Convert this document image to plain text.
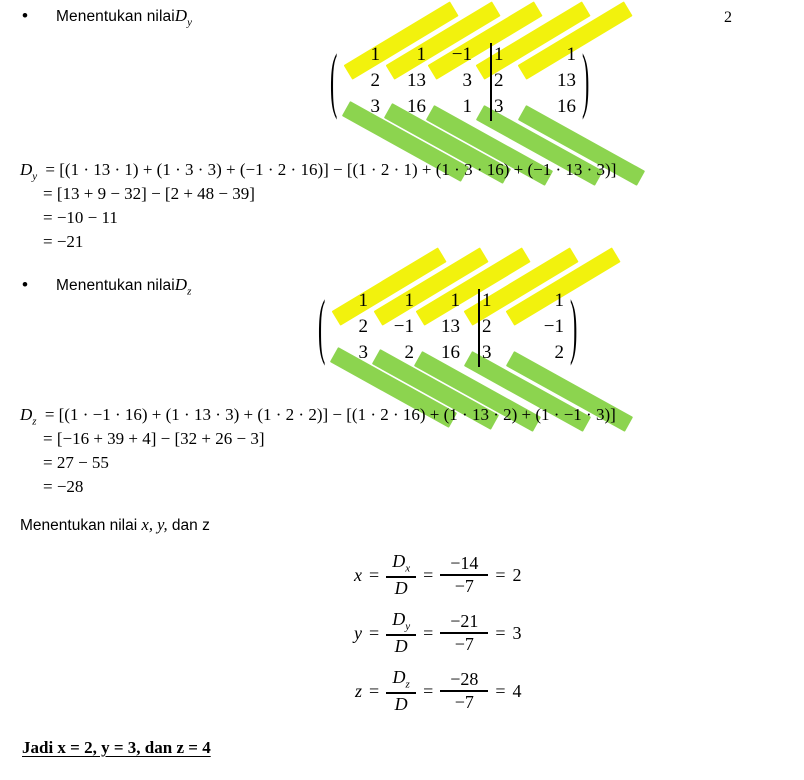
2
•	Menentukan nilai $D_y$
(	1	1	−1	1	1
2	13	3	2	13
3	16	1	3	16 )
$D_y = [(1 \cdot 13 \cdot 1) + (1 \cdot 3 \cdot 3) + (-1 \cdot 2 \cdot 16)] - [(1 \cdot 2 \cdot 1) + (1 \cdot 3 \cdot 16) + (-1 \cdot 13 \cdot 3)]$
= [13 + 9 − 32] − [2 + 48 − 39]
= −10 − 11
= −21
•	Menentukan nilai $D_z$	(	1	1	1	1	1
2	−1	13	2	−1
3	2	16	3	2 )
$D_z = [(1 \cdot -1 \cdot 16) + (1 \cdot 13 \cdot 3) + (1 \cdot 2 \cdot 2)] - [(1 \cdot 2 \cdot 16) + (1 \cdot 13 \cdot 2) + (1 \cdot -1 \cdot 3)]$
= [−16 + 39 + 4] − [32 + 26 − 3]
= 27 − 55
= −28
Menentukan nilai x, y, dan z
$x = \frac{D_x}{D} = \frac{-14}{-7} = 2$
$y = \frac{D_y}{D} = \frac{-21}{-7} = 3$
$z = \frac{D_z}{D} = \frac{-28}{-7} = 4$
Jadi x = 2, y = 3, dan z = 4
